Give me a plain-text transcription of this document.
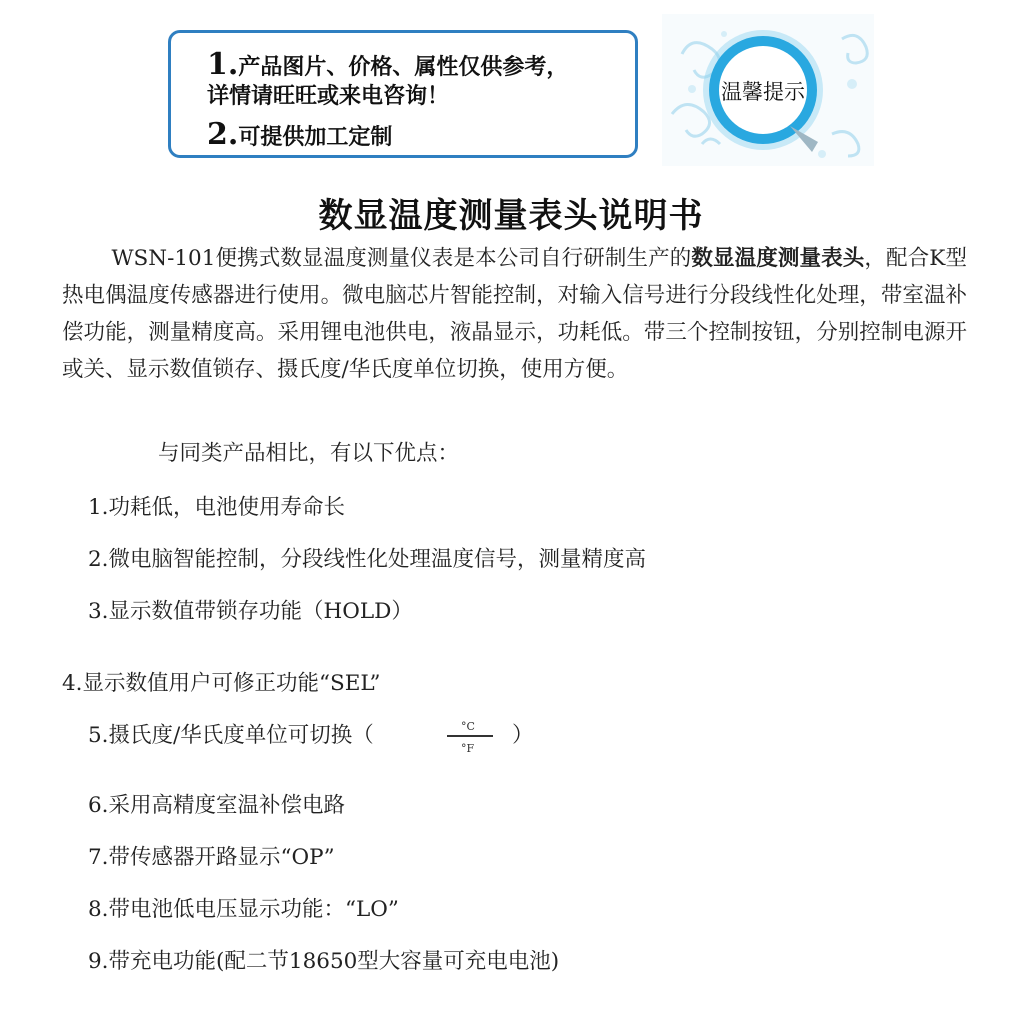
1.产品图片、价格、属性仅供参考，
详情请旺旺或来电咨询！
2.可提供加工定制
温馨提示
数显温度测量表头说明书

WSN-101便携式数显温度测量仪表是本公司自行研制生产的数显温度测量表头，配合K型热电偶温度传感器进行使用。微电脑芯片智能控制，对输入信号进行分段线性化处理，带室温补偿功能，测量精度高。采用锂电池供电，液晶显示，功耗低。带三个控制按钮，分别控制电源开或关、显示数值锁存、摄氏度/华氏度单位切换，使用方便。

与同类产品相比，有以下优点：
1.功耗低，电池使用寿命长
2.微电脑智能控制，分段线性化处理温度信号，测量精度高
3.显示数值带锁存功能（HOLD）
4.显示数值用户可修正功能“SEL”
5.摄氏度/华氏度单位可切换（	）
°C
°F
6.采用高精度室温补偿电路
7.带传感器开路显示“OP”
8.带电池低电压显示功能：“LO”
9.带充电功能(配二节18650型大容量可充电电池)
